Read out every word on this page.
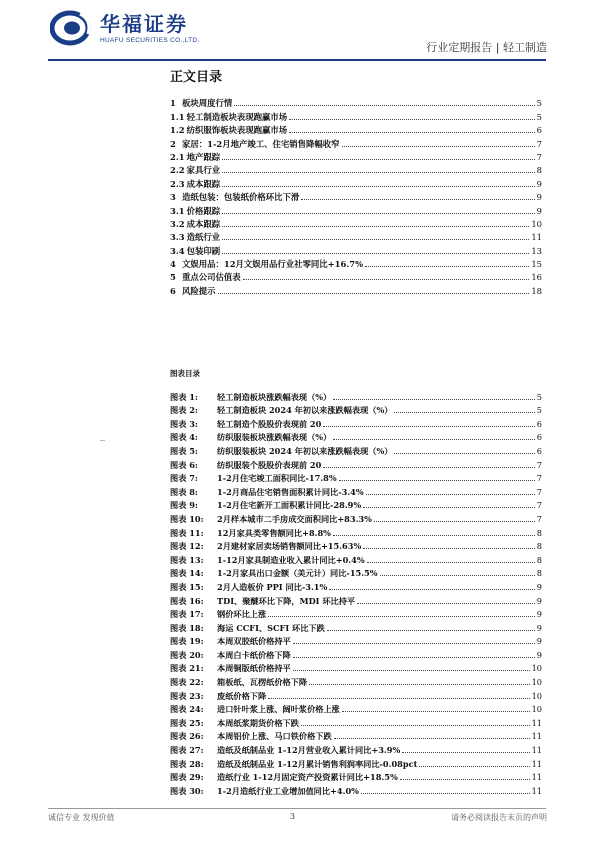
华福证券
HUAFU SECURITIES CO.,LTD.
行业定期报告 | 轻工制造
正文目录
1 板块周度行情	5
1.1 轻工制造板块表现跑赢市场	5
1.2 纺织服饰板块表现跑赢市场	6
2 家居：1-2月地产竣工、住宅销售降幅收窄	7
2.1 地产跟踪	7
2.2 家具行业	8
2.3 成本跟踪	9
3 造纸包装：包装纸价格环比下滑	9
3.1 价格跟踪	9
3.2 成本跟踪	10
3.3 造纸行业	11
3.4 包装印刷	13
4 文娱用品：12月文娱用品行业社零同比+16.7%	15
5 重点公司估值表	16
6 风险提示	18
图表目录
图表 1: 轻工制造板块涨跌幅表现（%）	5
图表 2: 轻工制造板块 2024 年初以来涨跌幅表现（%）	5
图表 3: 轻工制造个股股价表现前 20	6
图表 4: 纺织服装板块涨跌幅表现（%）	6
图表 5: 纺织服装板块 2024 年初以来涨跌幅表现（%）	6
图表 6: 纺织服装个股股价表现前 20	7
图表 7: 1-2月住宅竣工面积同比-17.8%	7
图表 8: 1-2月商品住宅销售面积累计同比-3.4%	7
图表 9: 1-2月住宅新开工面积累计同比-28.9%	7
图表 10: 2月样本城市二手房成交面积同比+83.3%	7
图表 11: 12月家具类零售额同比+8.8%	8
图表 12: 2月建材家居卖场销售额同比+15.63%	8
图表 13: 1-12月家具制造业收入累计同比+0.4%	8
图表 14: 1-2月家具出口金额（美元计）同比-15.5%	8
图表 15: 2月人造板价 PPI 同比-3.1%	9
图表 16: TDI、聚醚环比下降，MDI 环比持平	9
图表 17: 钢价环比上涨	9
图表 18: 海运 CCFI、SCFI 环比下跌	9
图表 19: 本周双胶纸价格持平	9
图表 20: 本周白卡纸价格下降	9
图表 21: 本周铜版纸价格持平	10
图表 22: 箱板纸、瓦楞纸价格下降	10
图表 23: 废纸价格下降	10
图表 24: 进口针叶浆上涨、阔叶浆价格上涨	10
图表 25: 本周纸浆期货价格下跌	11
图表 26: 本周铝价上涨、马口铁价格下跌	11
图表 27: 造纸及纸制品业 1-12月营业收入累计同比+3.9%	11
图表 28: 造纸及纸制品业 1-12月累计销售利润率同比-0.08pct	11
图表 29: 造纸行业 1-12月固定资产投资累计同比+18.5%	11
图表 30: 1-2月造纸行业工业增加值同比+4.0%	11
诚信专业 发现价值	3	请务必阅读报告末页的声明
